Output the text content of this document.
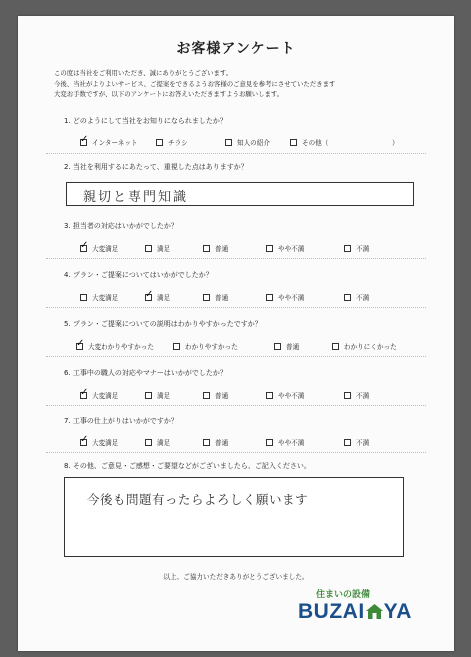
お客様アンケート
この度は当社をご利用いただき、誠にありがとうございます。
今後、当社がよりよいサービス、ご提案をできるようお客様のご意見を参考にさせていただきます
大変お手数ですが、以下のアンケートにお答えいただきますようお願いします。
1. どのようにして当社をお知りになられましたか？
✓インターネット	チラシ	知人の紹介	その他（	）
2. 当社を利用するにあたって、重視した点はありますか？
親切と専門知識
3. 担当者の対応はいかがでしたか？
✓大変満足	満足	普通	やや不満	不満
4. プラン・ご提案についてはいかがでしたか？
大変満足
✓	満足	普通	やや不満	不満
5. プラン・ご提案についての説明はわかりやすかったですか？
✓大変わかりやすかった	わかりやすかった	普通	わかりにくかった
6. 工事中の職人の対応やマナーはいかがでしたか？
✓大変満足	満足	普通	やや不満	不満
7. 工事の仕上がりはいかがですか？
✓大変満足	満足	普通	やや不満	不満
8. その他、ご意見・ご感想・ご要望などがございましたら、ご記入ください。
今後も問題有ったらよろしく願います
以上、ご協力いただきありがとうございました。
住まいの設備
BUZAI YA
